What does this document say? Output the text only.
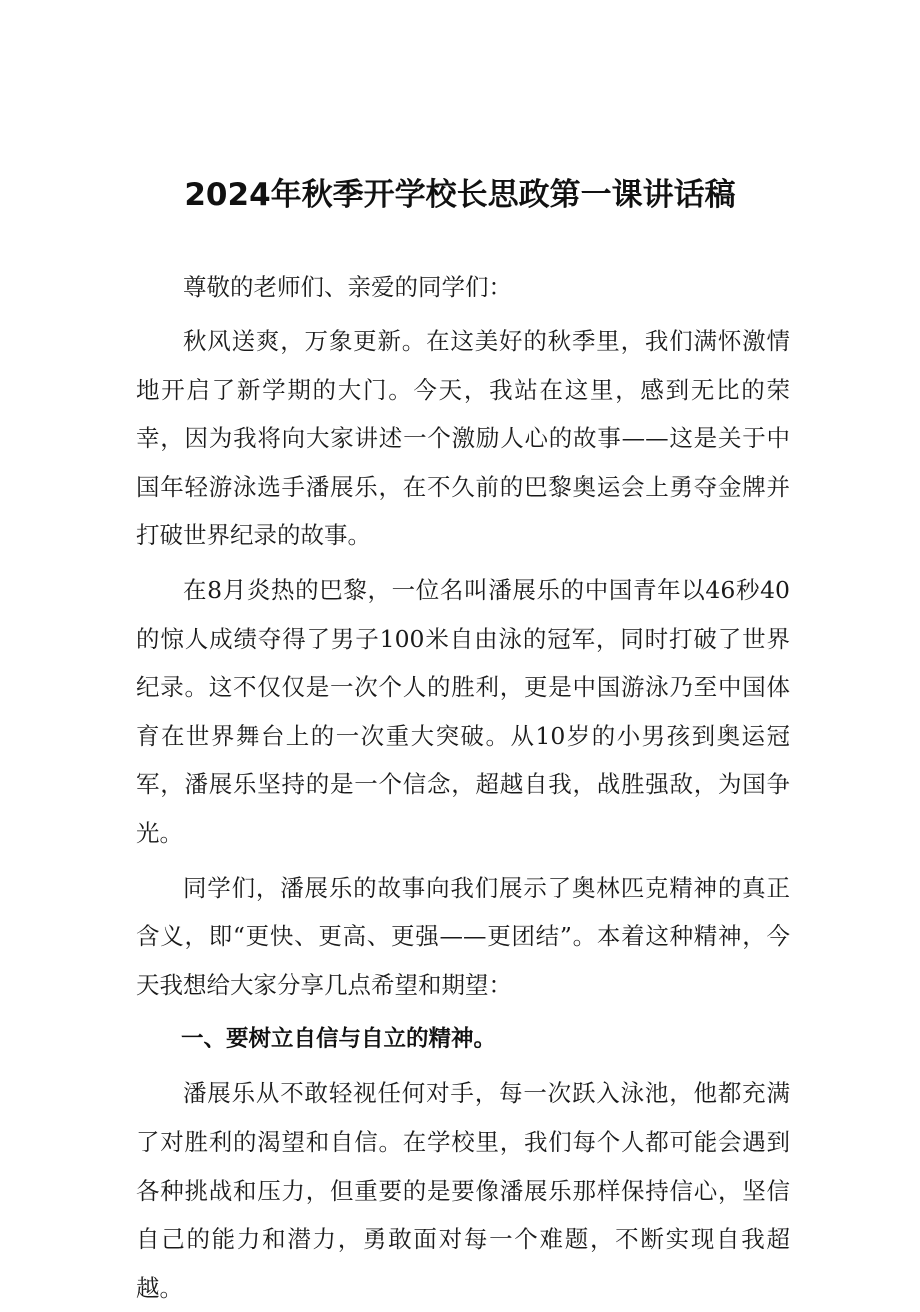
2024年秋季开学校长思政第一课讲话稿

尊敬的老师们、亲爱的同学们：

秋风送爽，万象更新。在这美好的秋季里，我们满怀激情地开启了新学期的大门。今天，我站在这里，感到无比的荣幸，因为我将向大家讲述一个激励人心的故事——这是关于中国年轻游泳选手潘展乐，在不久前的巴黎奥运会上勇夺金牌并打破世界纪录的故事。

在8月炎热的巴黎，一位名叫潘展乐的中国青年以46秒40的惊人成绩夺得了男子100米自由泳的冠军，同时打破了世界纪录。这不仅仅是一次个人的胜利，更是中国游泳乃至中国体育在世界舞台上的一次重大突破。从10岁的小男孩到奥运冠军，潘展乐坚持的是一个信念，超越自我，战胜强敌，为国争光。

同学们，潘展乐的故事向我们展示了奥林匹克精神的真正含义，即“更快、更高、更强——更团结”。本着这种精神，今天我想给大家分享几点希望和期望：

一、要树立自信与自立的精神。

潘展乐从不敢轻视任何对手，每一次跃入泳池，他都充满了对胜利的渴望和自信。在学校里，我们每个人都可能会遇到各种挑战和压力，但重要的是要像潘展乐那样保持信心，坚信自己的能力和潜力，勇敢面对每一个难题，不断实现自我超越。
